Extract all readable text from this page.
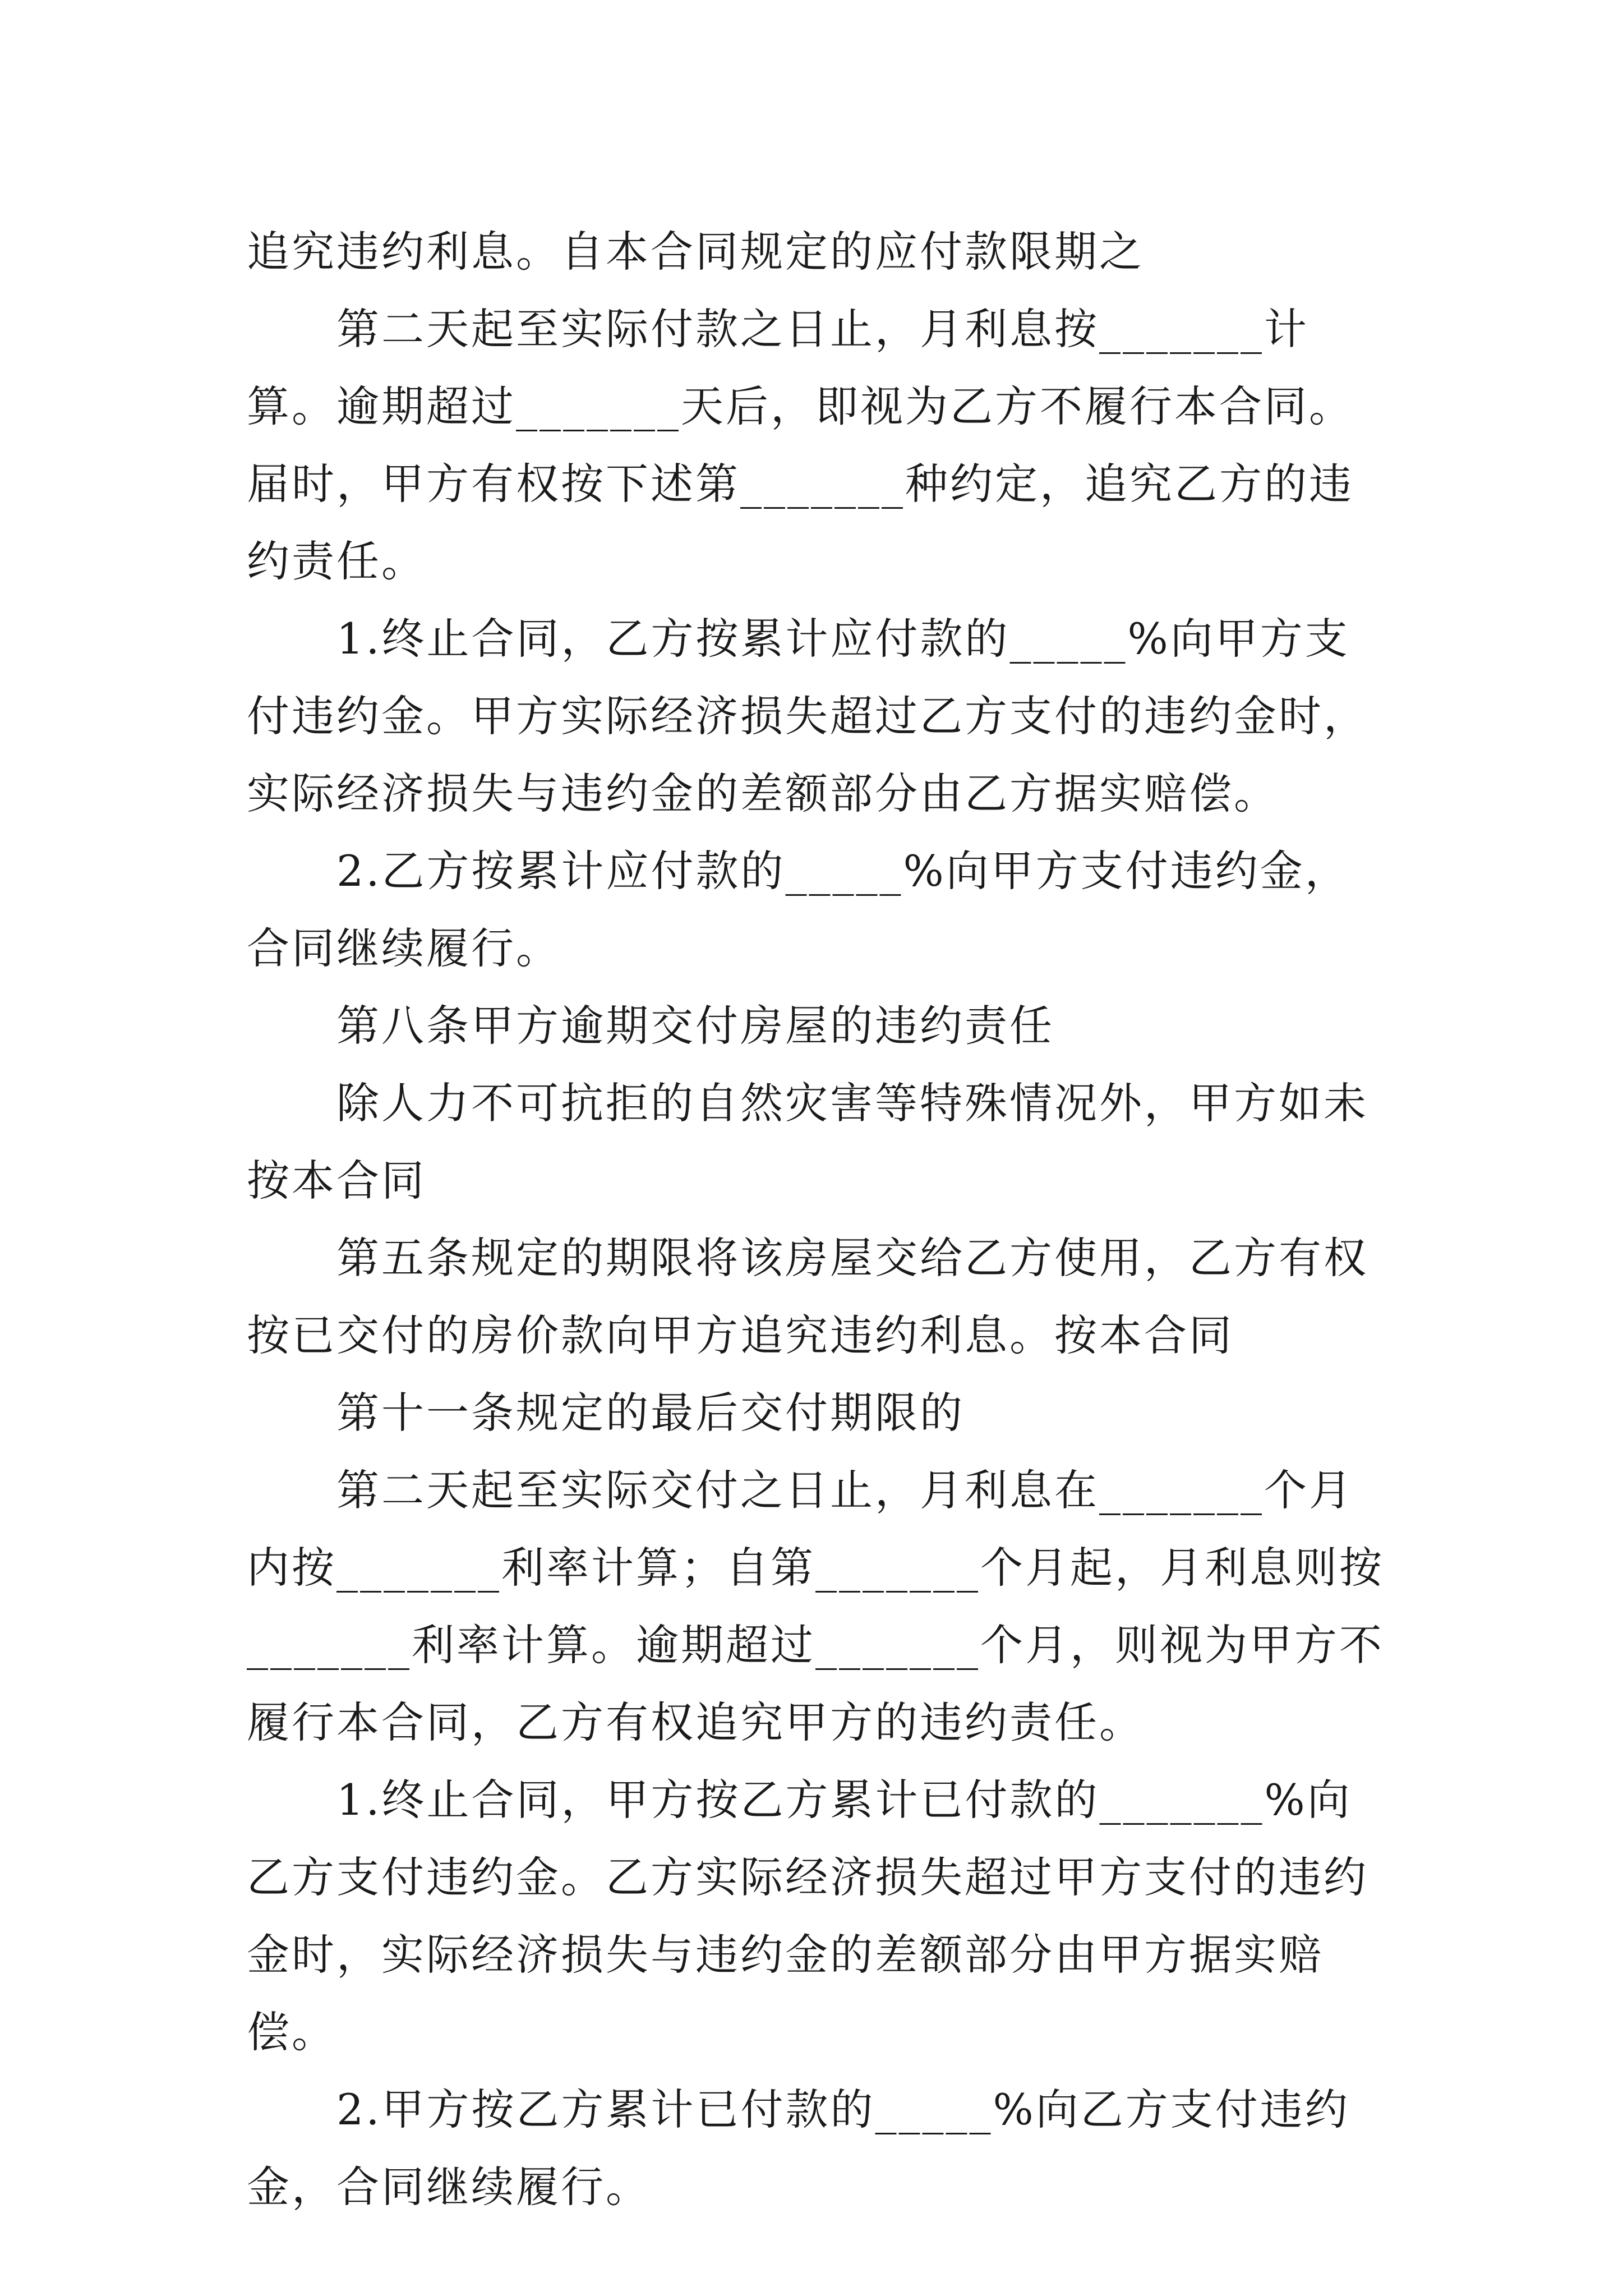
追究违约利息。自本合同规定的应付款限期之

第二天起至实际付款之日止，月利息按_______计算。逾期超过_______天后，即视为乙方不履行本合同。届时，甲方有权按下述第_______种约定，追究乙方的违约责任。

1.终止合同，乙方按累计应付款的_____%向甲方支付违约金。甲方实际经济损失超过乙方支付的违约金时，实际经济损失与违约金的差额部分由乙方据实赔偿。

2.乙方按累计应付款的_____%向甲方支付违约金，合同继续履行。

第八条甲方逾期交付房屋的违约责任

除人力不可抗拒的自然灾害等特殊情况外，甲方如未按本合同

第五条规定的期限将该房屋交给乙方使用，乙方有权按已交付的房价款向甲方追究违约利息。按本合同

第十一条规定的最后交付期限的

第二天起至实际交付之日止，月利息在_______个月内按_______利率计算；自第_______个月起，月利息则按_______利率计算。逾期超过_______个月，则视为甲方不履行本合同，乙方有权追究甲方的违约责任。

1.终止合同，甲方按乙方累计已付款的_______%向乙方支付违约金。乙方实际经济损失超过甲方支付的违约金时，实际经济损失与违约金的差额部分由甲方据实赔偿。

2.甲方按乙方累计已付款的_____%向乙方支付违约金，合同继续履行。
